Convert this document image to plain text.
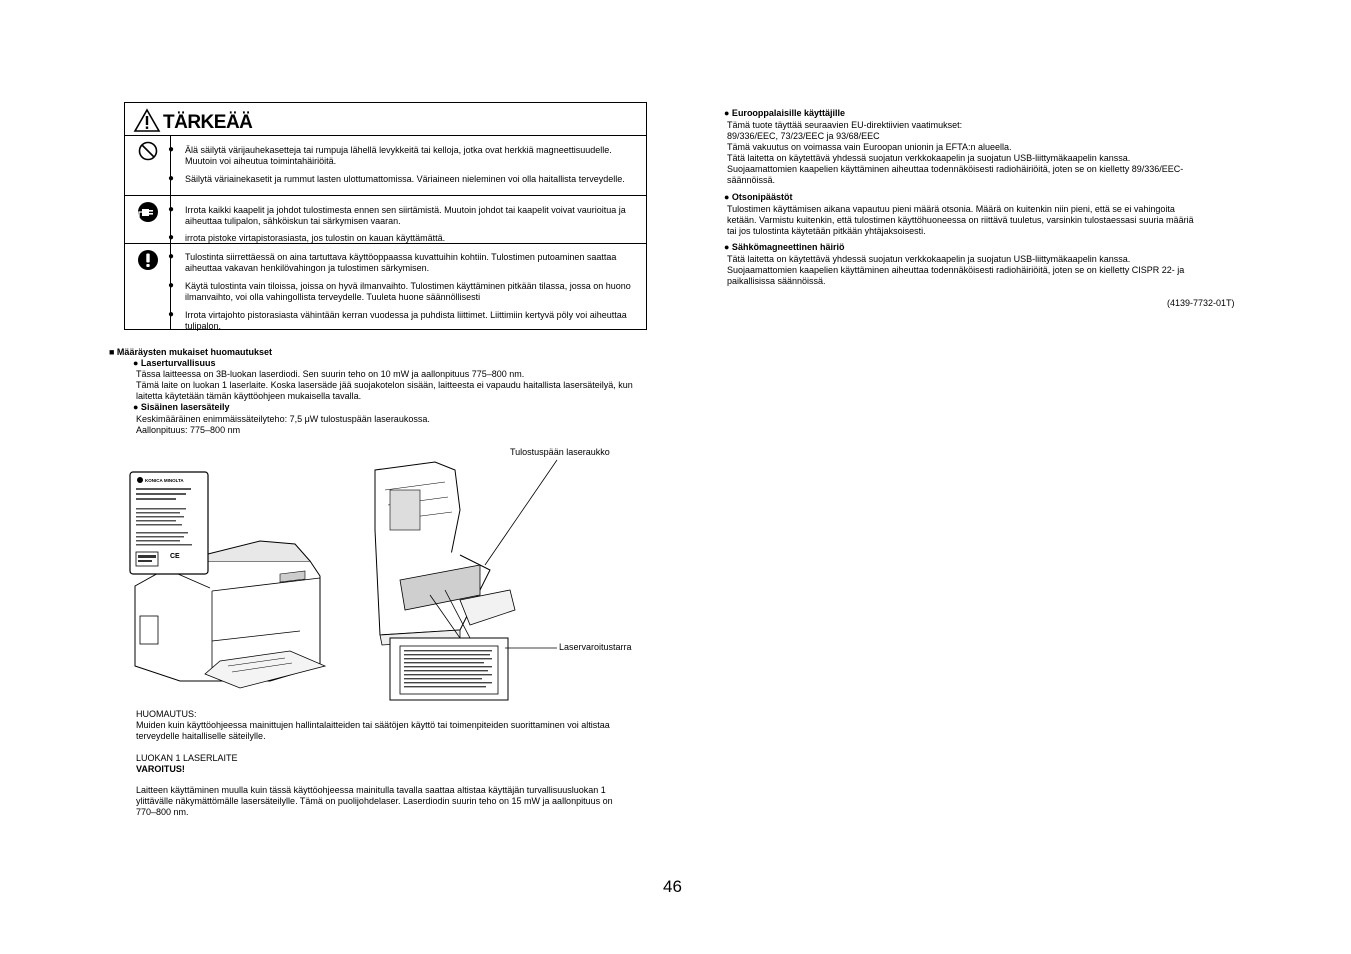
TÄRKEÄÄ
● Älä säilytä värijauhekasetteja tai rumpuja lähellä levykkeitä tai kelloja, jotka ovat herkkiä magneettisuudelle. Muutoin voi aiheutua toimintahäiriöitä.
● Säilytä väriainekasetit ja rummut lasten ulottumattomissa. Väriaineen nieleminen voi olla haitallista terveydelle.
● Irrota kaikki kaapelit ja johdot tulostimesta ennen sen siirtämistä. Muutoin johdot tai kaapelit voivat vaurioitua ja aiheuttaa tulipalon, sähköiskun tai särkymisen vaaran.
● irrota pistoke virtapistorasiasta, jos tulostin on kauan käyttämättä.
● Tulostinta siirrettäessä on aina tartuttava käyttöoppaassa kuvattuihin kohtiin. Tulostimen putoaminen saattaa aiheuttaa vakavan henkilövahingon ja tulostimen särkymisen.
● Käytä tulostinta vain tiloissa, joissa on hyvä ilmanvaihto. Tulostimen käyttäminen pitkään tilassa, jossa on huono ilmanvaihto, voi olla vahingollista terveydelle. Tuuleta huone säännöllisesti
● Irrota virtajohto pistorasiasta vähintään kerran vuodessa ja puhdista liittimet. Liittimiin kertyvä pöly voi aiheuttaa tulipalon.
■ Määräysten mukaiset huomautukset
● Laserturvallisuus
Tässa laitteessa on 3B-luokan laserdiodi. Sen suurin teho on 10 mW ja aallonpituus 775–800 nm.
Tämä laite on luokan 1 laserlaite. Koska lasersäde jää suojakotelon sisään, laitteesta ei vapaudu haitallista lasersäteilyä, kun
laitetta käytetään tämän käyttöohjeen mukaisella tavalla.
● Sisäinen lasersäteily
Keskimääräinen enimmäissäteilyteho: 7,5 μW tulostuspään laseraukossa.
Aallonpituus: 775–800 nm
KONICA MINOLTA
CE
Tulostuspään laseraukko
Laservaroitustarra
HUOMAUTUS:
Muiden kuin käyttöohjeessa mainittujen hallintalaitteiden tai säätöjen käyttö tai toimenpiteiden suorittaminen voi altistaa
terveydelle haitalliselle säteilylle.
LUOKAN 1 LASERLAITE
VAROITUS!
Laitteen käyttäminen muulla kuin tässä käyttöohjeessa mainitulla tavalla saattaa altistaa käyttäjän turvallisuusluokan 1
ylittävälle näkymättömälle lasersäteilylle. Tämä on puolijohdelaser. Laserdiodin suurin teho on 15 mW ja aallonpituus on
770–800 nm.
● Eurooppalaisille käyttäjille
Tämä tuote täyttää seuraavien EU-direktiivien vaatimukset:
89/336/EEC, 73/23/EEC ja 93/68/EEC
Tämä vakuutus on voimassa vain Euroopan unionin ja EFTA:n alueella.
Tätä laitetta on käytettävä yhdessä suojatun verkkokaapelin ja suojatun USB-liittymäkaapelin kanssa.
Suojaamattomien kaapelien käyttäminen aiheuttaa todennäköisesti radiohäiriöitä, joten se on kielletty 89/336/EEC-
säännöissä.
● Otsonipäästöt
Tulostimen käyttämisen aikana vapautuu pieni määrä otsonia. Määrä on kuitenkin niin pieni, että se ei vahingoita
ketään. Varmistu kuitenkin, että tulostimen käyttöhuoneessa on riittävä tuuletus, varsinkin tulostaessasi suuria määriä
tai jos tulostinta käytetään pitkään yhtäjaksoisesti.
● Sähkömagneettinen häiriö
Tätä laitetta on käytettävä yhdessä suojatun verkkokaapelin ja suojatun USB-liittymäkaapelin kanssa.
Suojaamattomien kaapelien käyttäminen aiheuttaa todennäköisesti radiohäiriöitä, joten se on kielletty CISPR 22- ja
paikallisissa säännöissä.
(4139-7732-01T)
46
